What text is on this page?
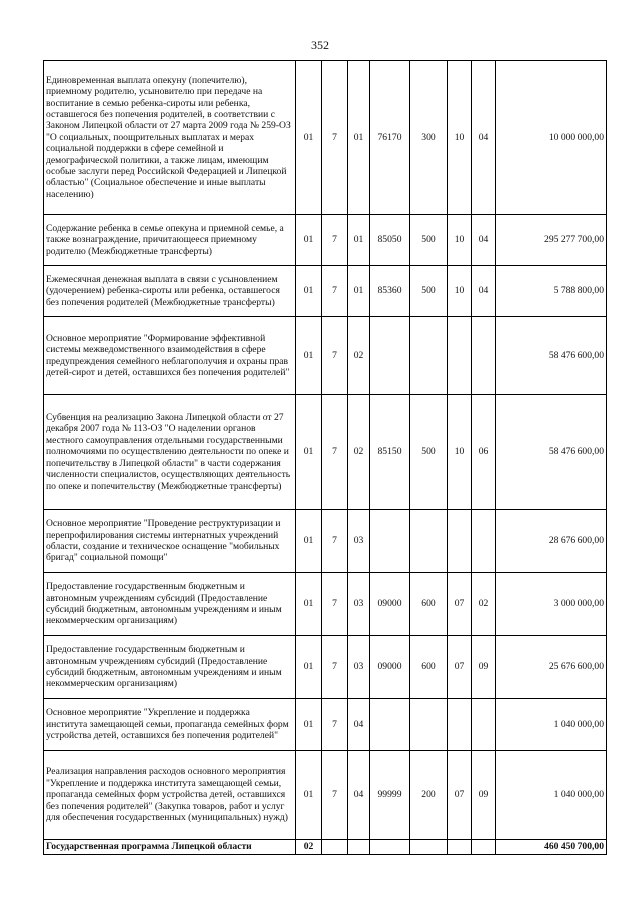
352
Единовременная выплата опекуну (попечителю), приемному родителю, усыновителю при передаче на воспитание в семью ребенка-сироты или ребенка, оставшегося без попечения родителей, в соответствии с Законом Липецкой области от 27 марта 2009 года № 259-ОЗ "О социальных, поощрительных выплатах и мерах социальной поддержки в сфере семейной и демографической политики, а также лицам, имеющим особые заслуги перед Российской Федерацией и Липецкой областью" (Социальное обеспечение и иные выплаты населению)	01	7	01	76170	300	10	04	10 000 000,00
Содержание ребенка в семье опекуна и приемной семье, а также вознаграждение, причитающееся приемному родителю (Межбюджетные трансферты)	01	7	01	85050	500	10	04	295 277 700,00
Ежемесячная денежная выплата в связи с усыновлением (удочерением) ребенка-сироты или ребенка, оставшегося без попечения родителей (Межбюджетные трансферты)	01	7	01	85360	500	10	04	5 788 800,00
Основное мероприятие "Формирование эффективной системы межведомственного взаимодействия в сфере предупреждения семейного неблагополучия и охраны прав детей-сирот и детей, оставшихся без попечения родителей"	01	7	02					58 476 600,00
Субвенция на реализацию Закона Липецкой области от 27 декабря 2007 года № 113-ОЗ "О наделении органов местного самоуправления отдельными государственными полномочиями по осуществлению деятельности по опеке и попечительству в Липецкой области" в части содержания численности специалистов, осуществляющих деятельность по опеке и попечительству (Межбюджетные трансферты)	01	7	02	85150	500	10	06	58 476 600,00
Основное мероприятие "Проведение реструктуризации и перепрофилирования системы интернатных учреждений области, создание и техническое оснащение "мобильных бригад" социальной помощи"	01	7	03					28 676 600,00
Предоставление государственным бюджетным и автономным учреждениям субсидий (Предоставление субсидий бюджетным, автономным учреждениям и иным некоммерческим организациям)	01	7	03	09000	600	07	02	3 000 000,00
Предоставление государственным бюджетным и автономным учреждениям субсидий (Предоставление субсидий бюджетным, автономным учреждениям и иным некоммерческим организациям)	01	7	03	09000	600	07	09	25 676 600,00
Основное мероприятие "Укрепление и поддержка института замещающей семьи, пропаганда семейных форм устройства детей, оставшихся без попечения родителей"	01	7	04					1 040 000,00
Реализация направления расходов основного мероприятия "Укрепление и поддержка института замещающей семьи, пропаганда семейных форм устройства детей, оставшихся без попечения родителей" (Закупка товаров, работ и услуг для обеспечения государственных (муниципальных) нужд)	01	7	04	99999	200	07	09	1 040 000,00
Государственная программа Липецкой области	02							460 450 700,00
